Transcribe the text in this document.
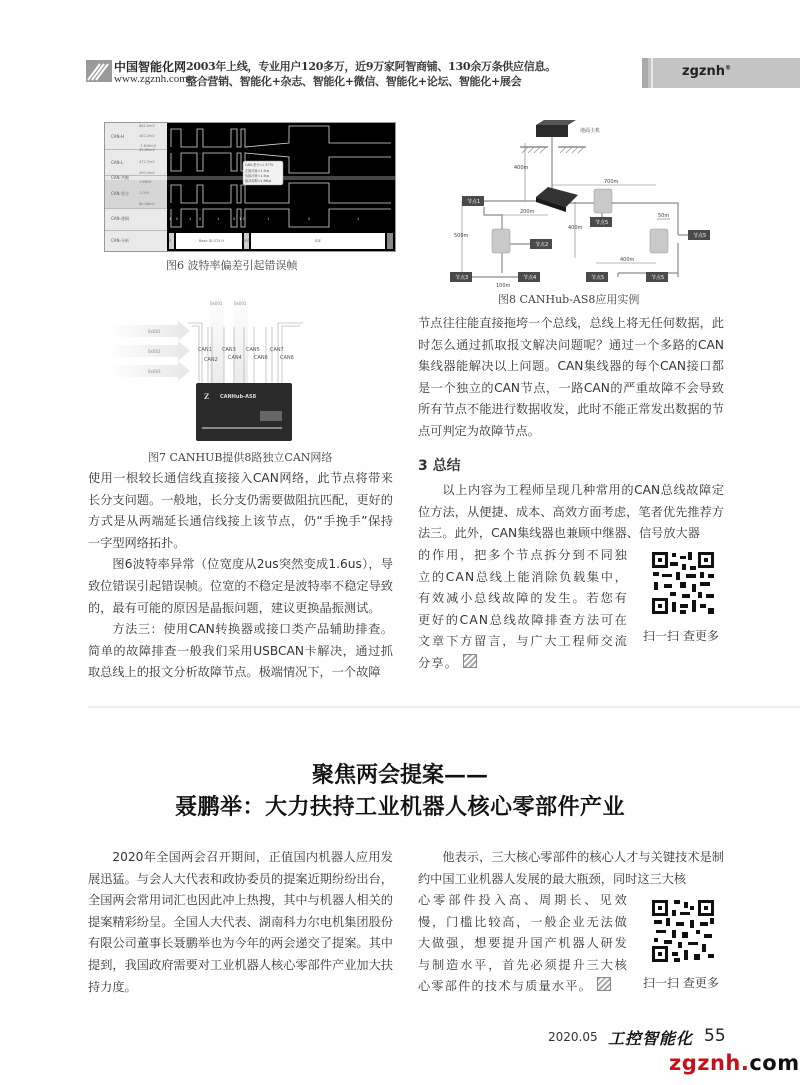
中国智能化网
www.zgznh.com
2003年上线，专业用户120多万，近9万家阿智商铺、130余万条供应信息。
整合营销、智能化+杂志、智能化+微信、智能化+论坛、智能化+展会
zgznh®
CAN-H
CAN-L
CAN-共模
CAN-差分
CAN-逻辑
CAN-分析
882.2mV
482.2mV
-7.816mV
45.89mV
472.7mV
490.4mV
1.884V
1.00V
8e-08mV
1 0	1 0	1	0 1 0	1	0	1
S	Base ID:374 H	SRR	IDE	E
CAN-差分=1.377V
正脉冲宽=1.5us
负脉冲宽=1.9us
脉冲周期=2.96us
图6 波特率偏差引起错误帧
地面主机
400m
700m
200m
400m
500m
50m
400m
100m
节点1
节点2
节点3	节点4
节点5
节点5
节点5	节点5
图8 CANHub-AS8应用实例
0x001	0x001
0x001
0x002
0x003
CAN1
CAN2
CAN3
CAN4
CAN5
CAN6
CAN7
CAN8
CANHub-AS8
Z
图7 CANHUB提供8路独立CAN网络

使用一根较长通信线直接接入CAN网络，此节点将带来长分支问题。一般地，长分支仍需要做阻抗匹配，更好的方式是从两端延长通信线接上该节点，仍“手挽手”保持一字型网络拓扑。

图6波特率异常（位宽度从2us突然变成1.6us），导致位错误引起错误帧。位宽的不稳定是波特率不稳定导致的，最有可能的原因是晶振问题，建议更换晶振测试。

方法三：使用CAN转换器或接口类产品辅助排查。简单的故障排查一般我们采用USBCAN卡解决，通过抓取总线上的报文分析故障节点。极端情况下，一个故障

节点往往能直接拖垮一个总线，总线上将无任何数据，此时怎么通过抓取报文解决问题呢？通过一个多路的CAN集线器能解决以上问题。CAN集线器的每个CAN接口都是一个独立的CAN节点，一路CAN的严重故障不会导致所有节点不能进行数据收发，此时不能正常发出数据的节点可判定为故障节点。

3 总结

以上内容为工程师呈现几种常用的CAN总线故障定位方法，从便捷、成本、高效方面考虑，笔者优先推荐方法三。此外，CAN集线器也兼顾中继器、信号放大器

的作用，把多个节点拆分到不同独立的CAN总线上能消除负载集中，有效减小总线故障的发生。若您有更好的CAN总线故障排查方法可在文章下方留言，与广大工程师交流分享。

扫一扫 查更多
聚焦两会提案——
聂鹏举：大力扶持工业机器人核心零部件产业

2020年全国两会召开期间，正值国内机器人应用发展迅猛。与会人大代表和政协委员的提案近期纷纷出台，全国两会常用词汇也因此冲上热搜，其中与机器人相关的提案精彩纷呈。全国人大代表、湖南科力尔电机集团股份有限公司董事长聂鹏举也为今年的两会递交了提案。其中提到，我国政府需要对工业机器人核心零部件产业加大扶持力度。

他表示，三大核心零部件的核心人才与关键技术是制约中国工业机器人发展的最大瓶颈，同时这三大核

心零部件投入高、周期长、见效慢，门槛比较高，一般企业无法做大做强，想要提升国产机器人研发与制造水平，首先必须提升三大核心零部件的技术与质量水平。	扫一扫 查更多
2020.05 工控智能化 55
zgznh.com
